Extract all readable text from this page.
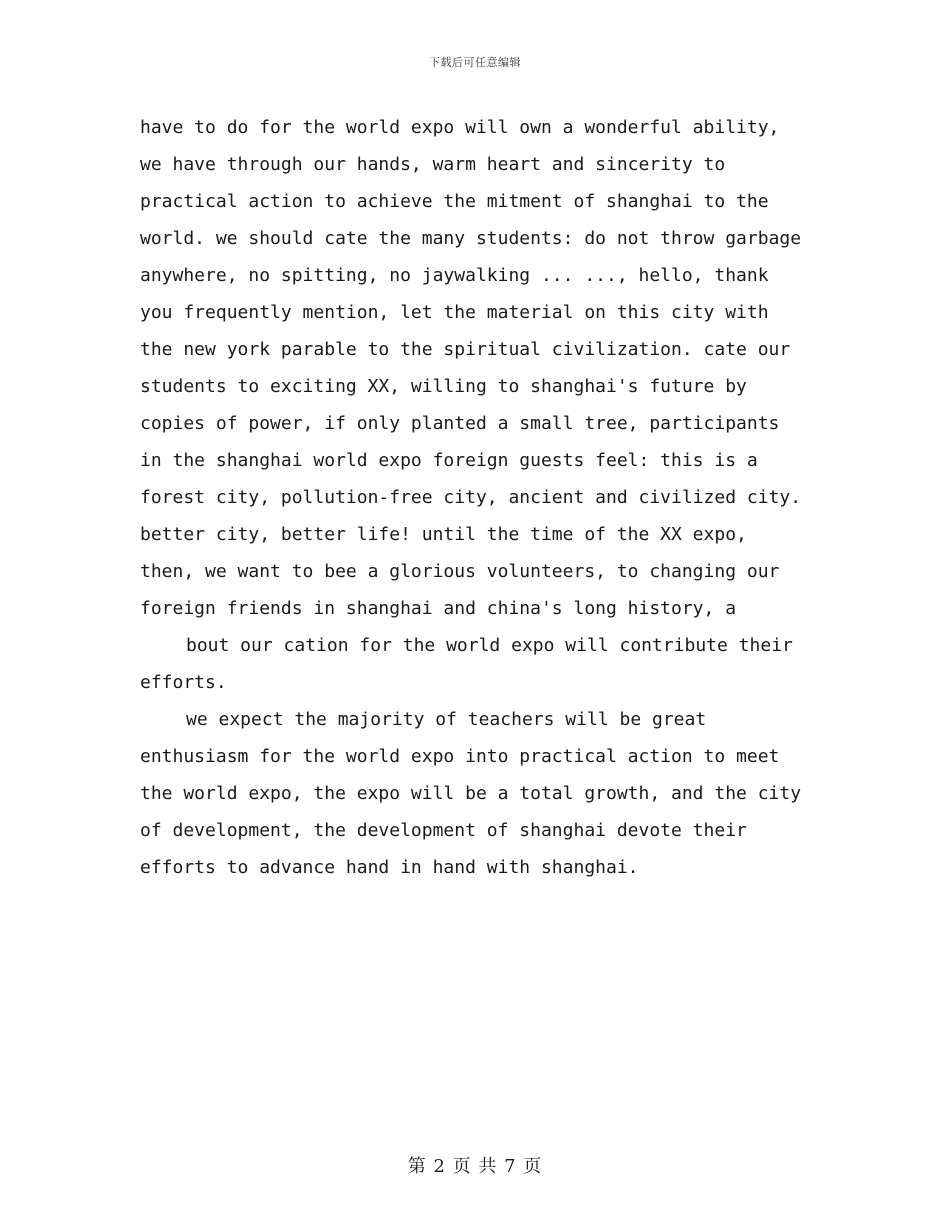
下载后可任意编辑
have to do for the world expo will own a wonderful ability,
we have through our hands, warm heart and sincerity to
practical action to achieve the mitment of shanghai to the
world. we should cate the many students: do not throw garbage
anywhere, no spitting, no jaywalking ... ..., hello, thank
you frequently mention, let the material on this city with
the new york parable to the spiritual civilization. cate our
students to exciting XX, willing to shanghai's future by
copies of power, if only planted a small tree, participants
in the shanghai world expo foreign guests feel: this is a
forest city, pollution-free city, ancient and civilized city.
better city, better life! until the time of the XX expo,
then, we want to bee a glorious volunteers, to changing our
foreign friends in shanghai and china's long history, a
bout our cation for the world expo will contribute their
efforts.
we expect the majority of teachers will be great
enthusiasm for the world expo into practical action to meet
the world expo, the expo will be a total growth, and the city
of development, the development of shanghai devote their
efforts to advance hand in hand with shanghai.
第 2 页 共 7 页
